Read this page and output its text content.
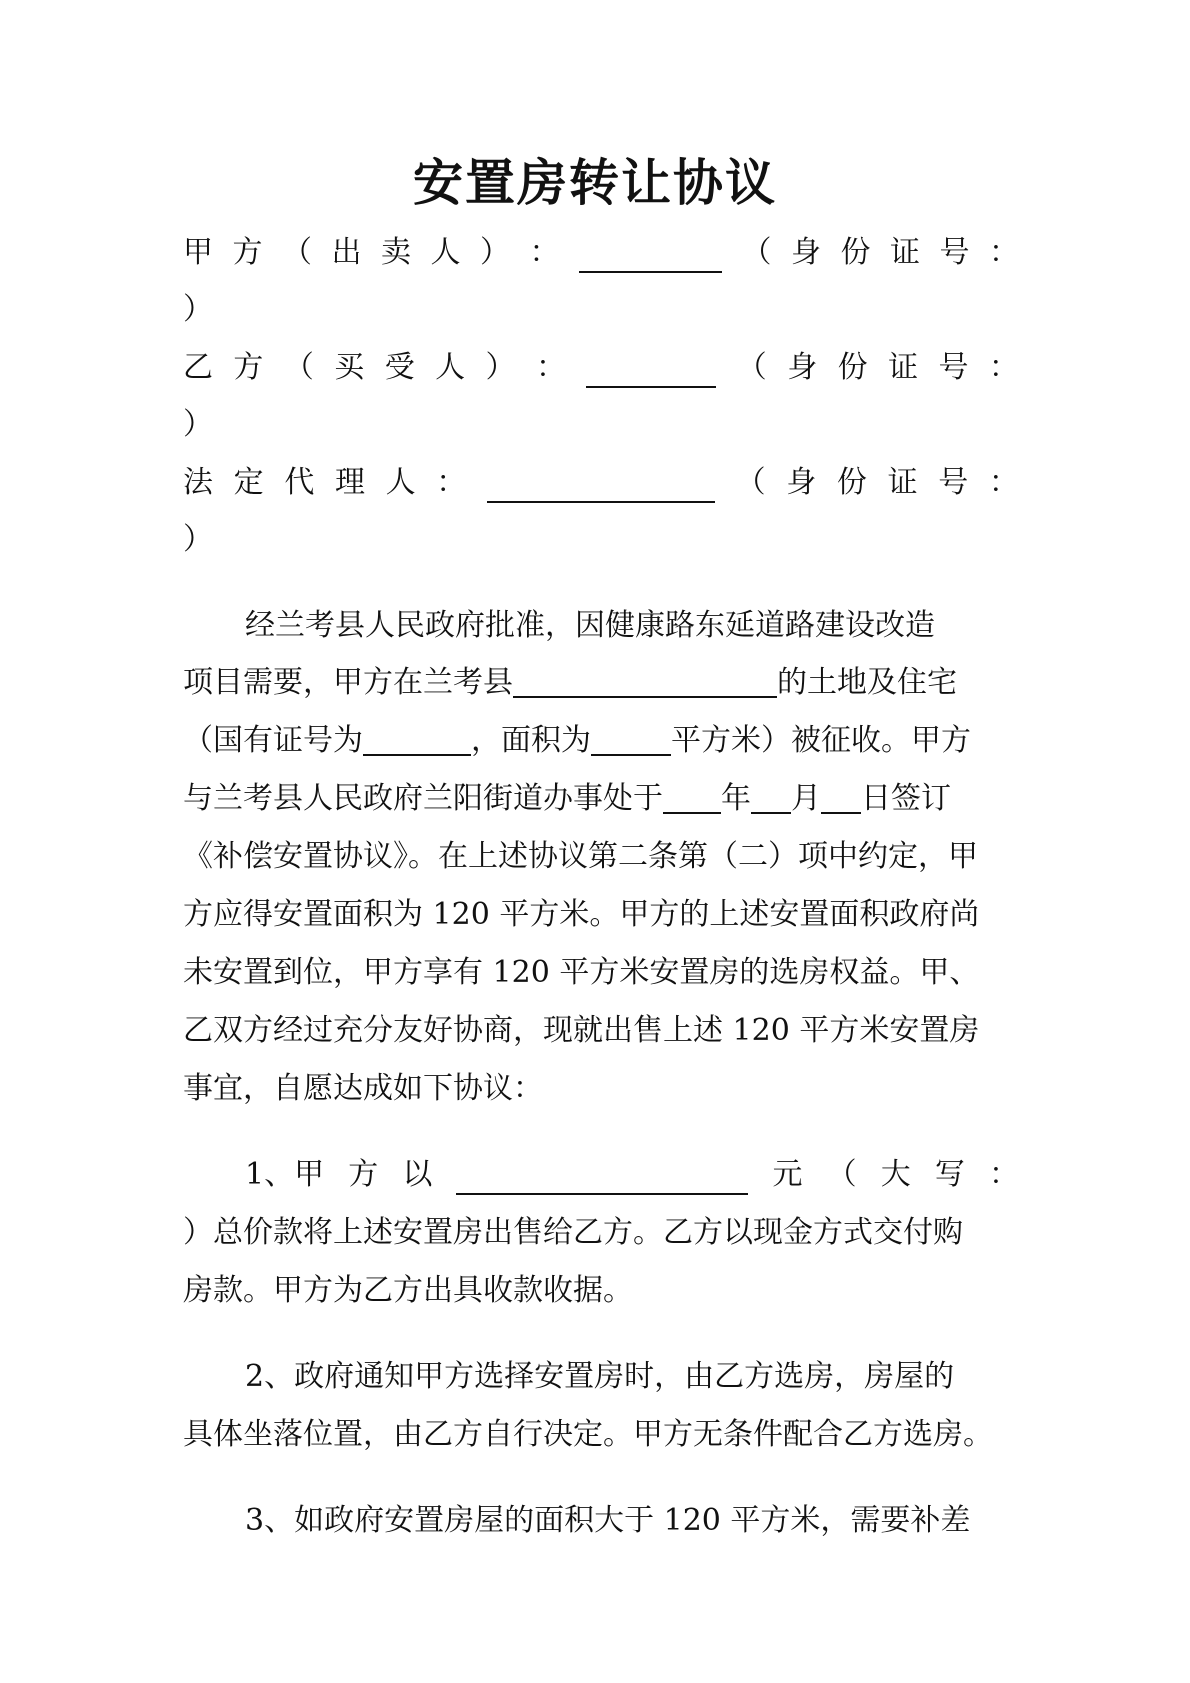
安置房转让协议
甲 方 （ 出 卖 人 ） ：	（ 身 份 证 号 ：
）
乙 方 （ 买 受 人 ） ：	（ 身 份 证 号 ：
）
法 定 代 理 人 ：	（ 身 份 证 号 ：
）
经兰考县人民政府批准，因健康路东延道路建设改造
项目需要，甲方在兰考县	的土地及住宅
（国有证号为	，面积为	平方米）被征收。甲方
与兰考县人民政府兰阳街道办事处于 年 月 日签订
《补偿安置协议》。在上述协议第二条第（二）项中约定，甲
方应得安置面积为 120 平方米。甲方的上述安置面积政府尚
未安置到位，甲方享有 120 平方米安置房的选房权益。甲、
乙双方经过充分友好协商，现就出售上述 120 平方米安置房
事宜，自愿达成如下协议：
1、甲 方 以	元 （ 大 写 ：
）总价款将上述安置房出售给乙方。乙方以现金方式交付购
房款。甲方为乙方出具收款收据。
2、政府通知甲方选择安置房时，由乙方选房，房屋的
具体坐落位置，由乙方自行决定。甲方无条件配合乙方选房。
3、如政府安置房屋的面积大于 120 平方米，需要补差
